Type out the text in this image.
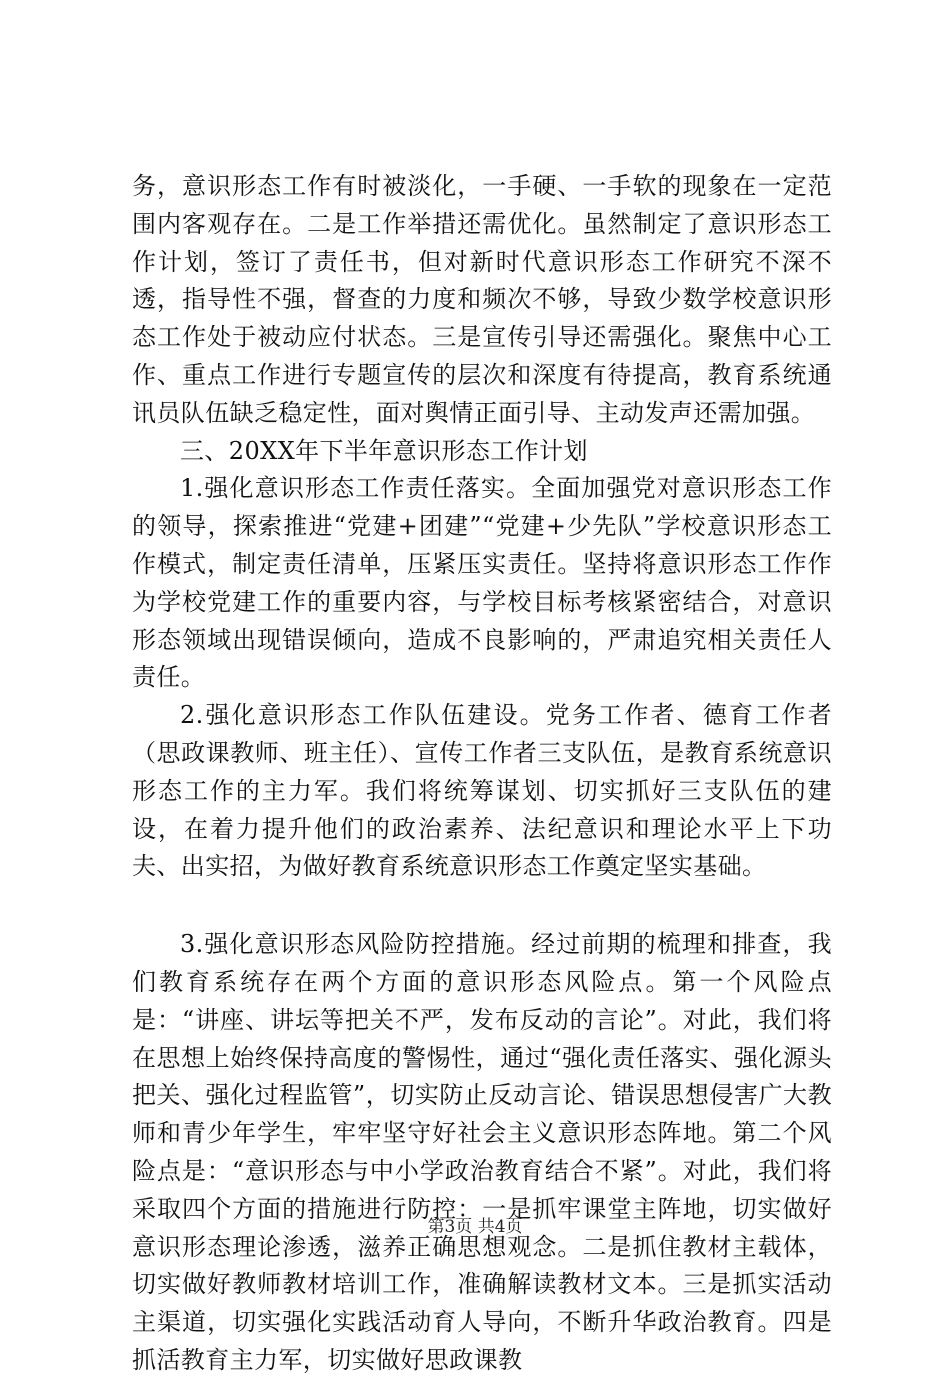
务，意识形态工作有时被淡化，一手硬、一手软的现象在一定范围内客观存在。二是工作举措还需优化。虽然制定了意识形态工作计划，签订了责任书，但对新时代意识形态工作研究不深不透，指导性不强，督查的力度和频次不够，导致少数学校意识形态工作处于被动应付状态。三是宣传引导还需强化。聚焦中心工作、重点工作进行专题宣传的层次和深度有待提高，教育系统通讯员队伍缺乏稳定性，面对舆情正面引导、主动发声还需加强。

三、20XX年下半年意识形态工作计划

1.强化意识形态工作责任落实。全面加强党对意识形态工作的领导，探索推进“党建+团建”“党建+少先队”学校意识形态工作模式，制定责任清单，压紧压实责任。坚持将意识形态工作作为学校党建工作的重要内容，与学校目标考核紧密结合，对意识形态领域出现错误倾向，造成不良影响的，严肃追究相关责任人责任。

2.强化意识形态工作队伍建设。党务工作者、德育工作者（思政课教师、班主任）、宣传工作者三支队伍，是教育系统意识形态工作的主力军。我们将统筹谋划、切实抓好三支队伍的建设，在着力提升他们的政治素养、法纪意识和理论水平上下功夫、出实招，为做好教育系统意识形态工作奠定坚实基础。

3.强化意识形态风险防控措施。经过前期的梳理和排查，我们教育系统存在两个方面的意识形态风险点。第一个风险点是：“讲座、讲坛等把关不严，发布反动的言论”。对此，我们将在思想上始终保持高度的警惕性，通过“强化责任落实、强化源头把关、强化过程监管”，切实防止反动言论、错误思想侵害广大教师和青少年学生，牢牢坚守好社会主义意识形态阵地。第二个风险点是：“意识形态与中小学政治教育结合不紧”。对此，我们将采取四个方面的措施进行防控：一是抓牢课堂主阵地，切实做好意识形态理论渗透，滋养正确思想观念。二是抓住教材主载体，切实做好教师教材培训工作，准确解读教材文本。三是抓实活动主渠道，切实强化实践活动育人导向，不断升华政治教育。四是抓活教育主力军，切实做好思政课教

第3页 共4页
